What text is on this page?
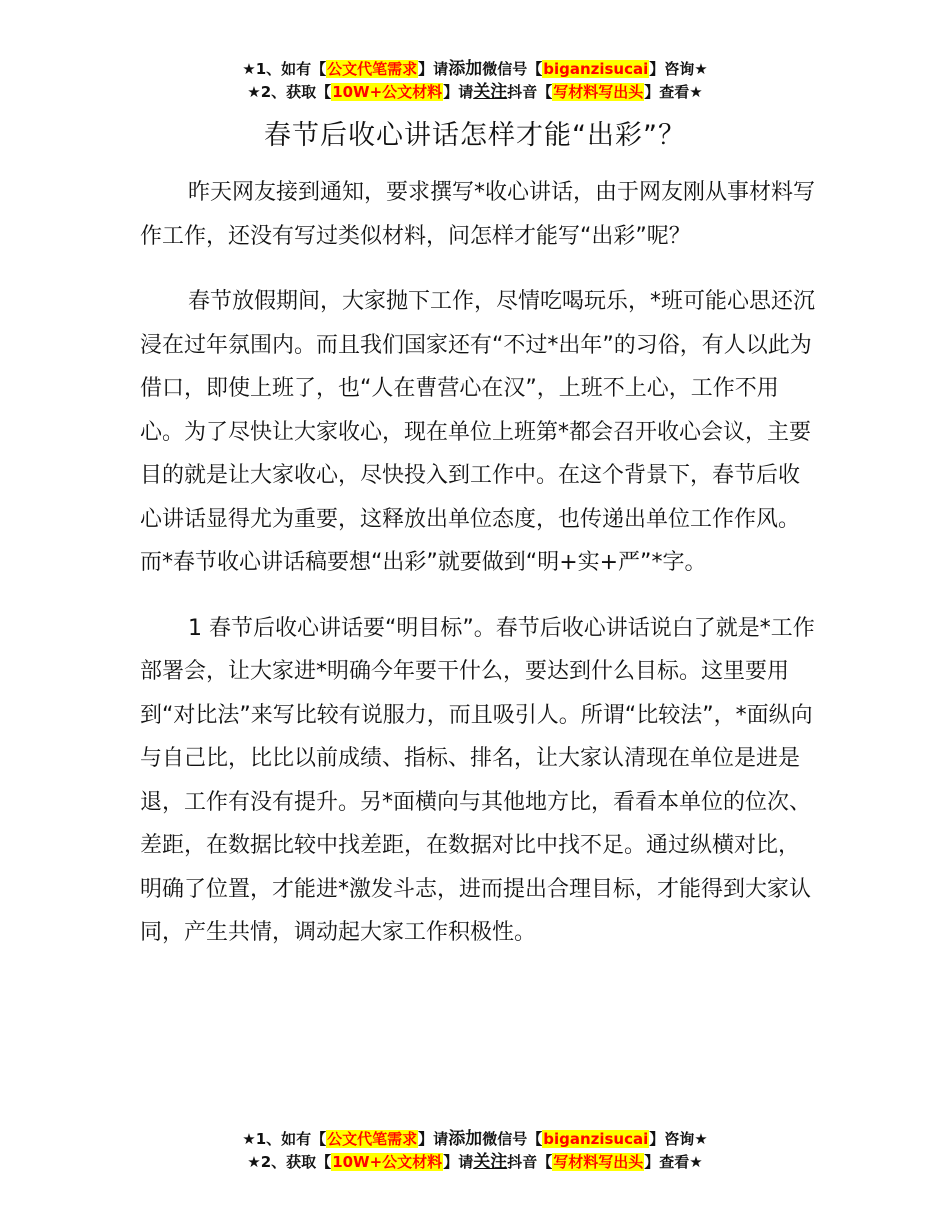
★1、如有【公文代笔需求】请添加微信号【biganzisucai】咨询★
★2、获取【10W+公文材料】请关注抖音【写材料写出头】查看★
春节后收心讲话怎样才能“出彩”？

昨天网友接到通知，要求撰写*收心讲话，由于网友刚从事材料写作工作，还没有写过类似材料，问怎样才能写“出彩”呢？

春节放假期间，大家抛下工作，尽情吃喝玩乐，*班可能心思还沉浸在过年氛围内。而且我们国家还有“不过*出年”的习俗，有人以此为借口，即使上班了，也“人在曹营心在汉”，上班不上心，工作不用心。为了尽快让大家收心，现在单位上班第*都会召开收心会议，主要目的就是让大家收心，尽快投入到工作中。在这个背景下，春节后收心讲话显得尤为重要，这释放出单位态度，也传递出单位工作作风。而*春节收心讲话稿要想“出彩”就要做到“明+实+严”*字。

1 春节后收心讲话要“明目标”。春节后收心讲话说白了就是*工作部署会，让大家进*明确今年要干什么，要达到什么目标。这里要用到“对比法”来写比较有说服力，而且吸引人。所谓“比较法”，*面纵向与自己比，比比以前成绩、指标、排名，让大家认清现在单位是进是退，工作有没有提升。另*面横向与其他地方比，看看本单位的位次、差距，在数据比较中找差距，在数据对比中找不足。通过纵横对比，明确了位置，才能进*激发斗志，进而提出合理目标，才能得到大家认同，产生共情，调动起大家工作积极性。

★1、如有【公文代笔需求】请添加微信号【biganzisucai】咨询★
★2、获取【10W+公文材料】请关注抖音【写材料写出头】查看★
